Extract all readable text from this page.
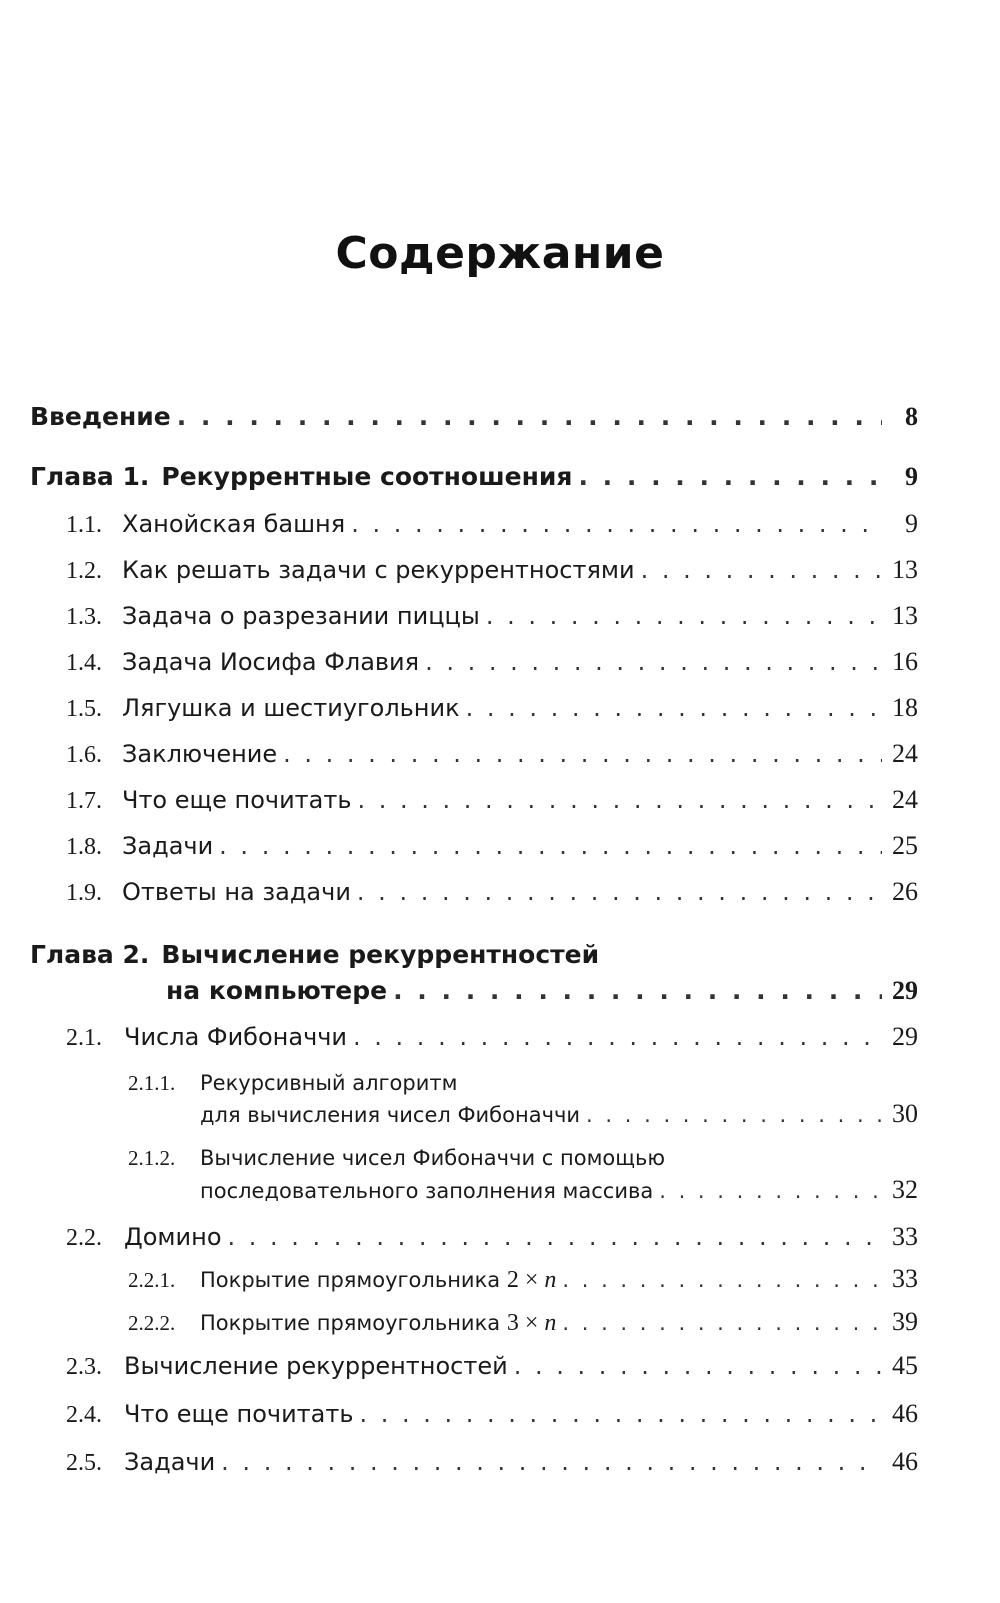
Содержание
Введение . . .	8
Глава 1. Рекуррентные соотношения . . .	9
1.1. Ханойская башня . . .	9
1.2. Как решать задачи с рекуррентностями . . .	13
1.3. Задача о разрезании пиццы . . .	13
1.4. Задача Иосифа Флавия . . .	16
1.5. Лягушка и шестиугольник . . .	18
1.6. Заключение . . .	24
1.7. Что еще почитать . . .	24
1.8. Задачи . . .	25
1.9. Ответы на задачи . . .	26
Глава 2. Вычисление рекуррентностей
на компьютере . . .	29
2.1. Числа Фибоначчи . . .	29
2.1.1. Рекурсивный алгоритм
для вычисления чисел Фибоначчи . . .	30
2.1.2. Вычисление чисел Фибоначчи с помощью
последовательного заполнения массива . . .	32
2.2. Домино . . .	33
2.2.1.	Покрытие прямоугольника 2 × n . . .	33
2.2.2.	Покрытие прямоугольника 3 × n . . .	39
2.3. Вычисление рекуррентностей . . .	45
2.4. Что еще почитать . . .	46
2.5. Задачи . . .	46
